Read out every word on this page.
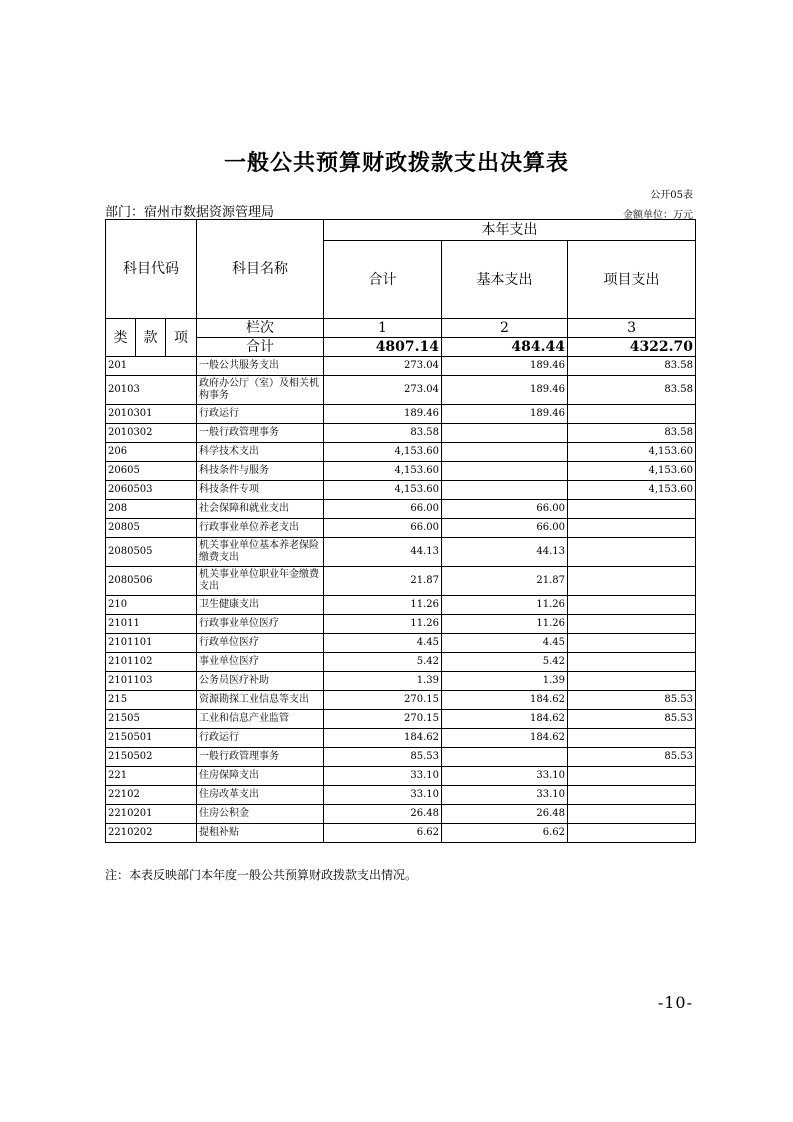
一般公共预算财政拨款支出决算表
公开05表
部门：宿州市数据资源管理局	金额单位：万元
科目代码			科目名称	本年支出		
				合计	基本支出	项目支出
类	款	项	栏次	1	2	3
			合计	4807.14	484.44	4322.70
201			一般公共服务支出	273.04	189.46	83.58
20103			政府办公厅（室）及相关机构事务	273.04	189.46	83.58
2010301			行政运行	189.46	189.46	
2010302			一般行政管理事务	83.58		83.58
206			科学技术支出	4,153.60		4,153.60
20605			科技条件与服务	4,153.60		4,153.60
2060503			科技条件专项	4,153.60		4,153.60
208			社会保障和就业支出	66.00	66.00	
20805			行政事业单位养老支出	66.00	66.00	
2080505			机关事业单位基本养老保险缴费支出	44.13	44.13	
2080506			机关事业单位职业年金缴费支出	21.87	21.87	
210			卫生健康支出	11.26	11.26	
21011			行政事业单位医疗	11.26	11.26	
2101101			行政单位医疗	4.45	4.45	
2101102			事业单位医疗	5.42	5.42	
2101103			公务员医疗补助	1.39	1.39	
215			资源勘探工业信息等支出	270.15	184.62	85.53
21505			工业和信息产业监管	270.15	184.62	85.53
2150501			行政运行	184.62	184.62	
2150502			一般行政管理事务	85.53		85.53
221			住房保障支出	33.10	33.10	
22102			住房改革支出	33.10	33.10	
2210201			住房公积金	26.48	26.48	
2210202			提租补贴	6.62	6.62	
注：本表反映部门本年度一般公共预算财政拨款支出情况。
-10-
